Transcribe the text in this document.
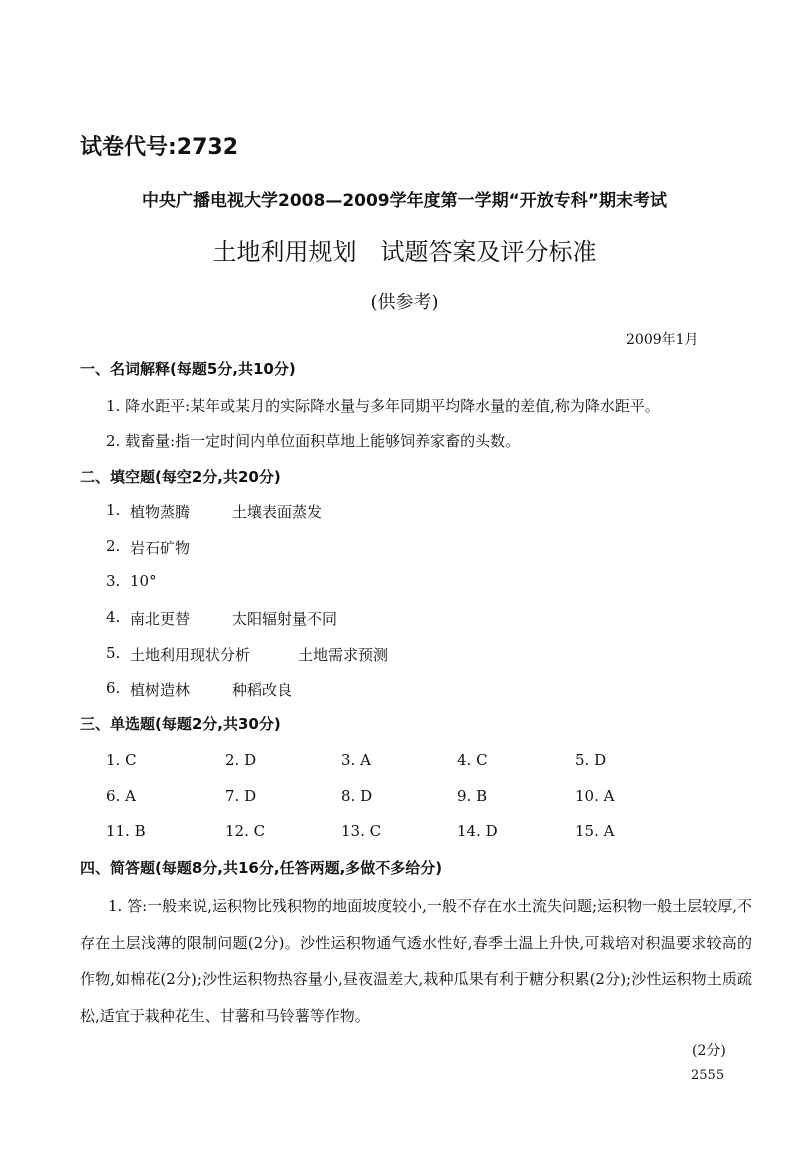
试卷代号:2732
中央广播电视大学2008—2009学年度第一学期“开放专科”期末考试
土地利用规划　试题答案及评分标准
(供参考)
2009年1月
一、名词解释(每题5分,共10分)
1. 降水距平:某年或某月的实际降水量与多年同期平均降水量的差值,称为降水距平。
2. 载畜量:指一定时间内单位面积草地上能够饲养家畜的头数。
二、填空题(每空2分,共20分)
1. 植物蒸腾	土壤表面蒸发
2. 岩石矿物
3. 10°
4. 南北更替	太阳辐射量不同
5. 土地利用现状分析	土地需求预测
6. 植树造林	种稻改良
三、单选题(每题2分,共30分)
1. C	2. D	3. A	4. C	5. D
6. A	7. D	8. D	9. B	10. A
11. B	12. C	13. C	14. D	15. A
四、简答题(每题8分,共16分,任答两题,多做不多给分)
1. 答:一般来说,运积物比残积物的地面坡度较小,一般不存在水土流失问题;运积物一般土层较厚,不存在土层浅薄的限制问题(2分)。沙性运积物通气透水性好,春季土温上升快,可栽培对积温要求较高的作物,如棉花(2分);沙性运积物热容量小,昼夜温差大,栽种瓜果有利于糖分积累(2分);沙性运积物土质疏松,适宜于栽种花生、甘薯和马铃薯等作物。
(2分)
2555
